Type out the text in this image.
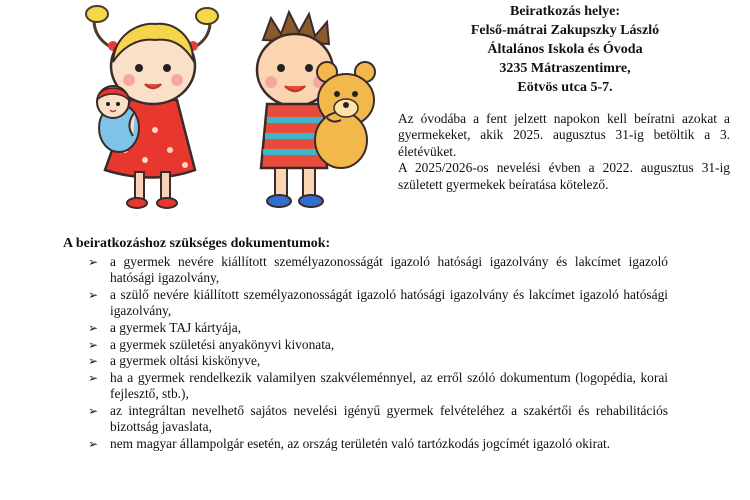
Beiratkozás helye:
Felső-mátrai Zakupszky László
Általános Iskola és Óvoda
3235 Mátraszentimre,
Eötvös utca 5-7.

Az óvodába a fent jelzett napokon kell beíratni azokat a gyermekeket, akik 2025. augusztus 31-ig betöltik a 3. életévüket.

A 2025/2026-os nevelési évben a 2022. augusztus 31-ig született gyermekek beíratása kötelező.

A beiratkozáshoz szükséges dokumentumok:
➢ a gyermek nevére kiállított személyazonosságát igazoló hatósági igazolvány és lakcímet igazoló hatósági igazolvány,
➢ a szülő nevére kiállított személyazonosságát igazoló hatósági igazolvány és lakcímet igazoló hatósági igazolvány,
➢ a gyermek TAJ kártyája,
➢ a gyermek születési anyakönyvi kivonata,
➢ a gyermek oltási kiskönyve,
➢ ha a gyermek rendelkezik valamilyen szakvéleménnyel, az erről szóló dokumentum (logopédia, korai fejlesztő, stb.),
➢ az integráltan nevelhető sajátos nevelési igényű gyermek felvételéhez a szakértői és rehabilitációs bizottság javaslata,
➢ nem magyar állampolgár esetén, az ország területén való tartózkodás jogcímét igazoló okirat.
